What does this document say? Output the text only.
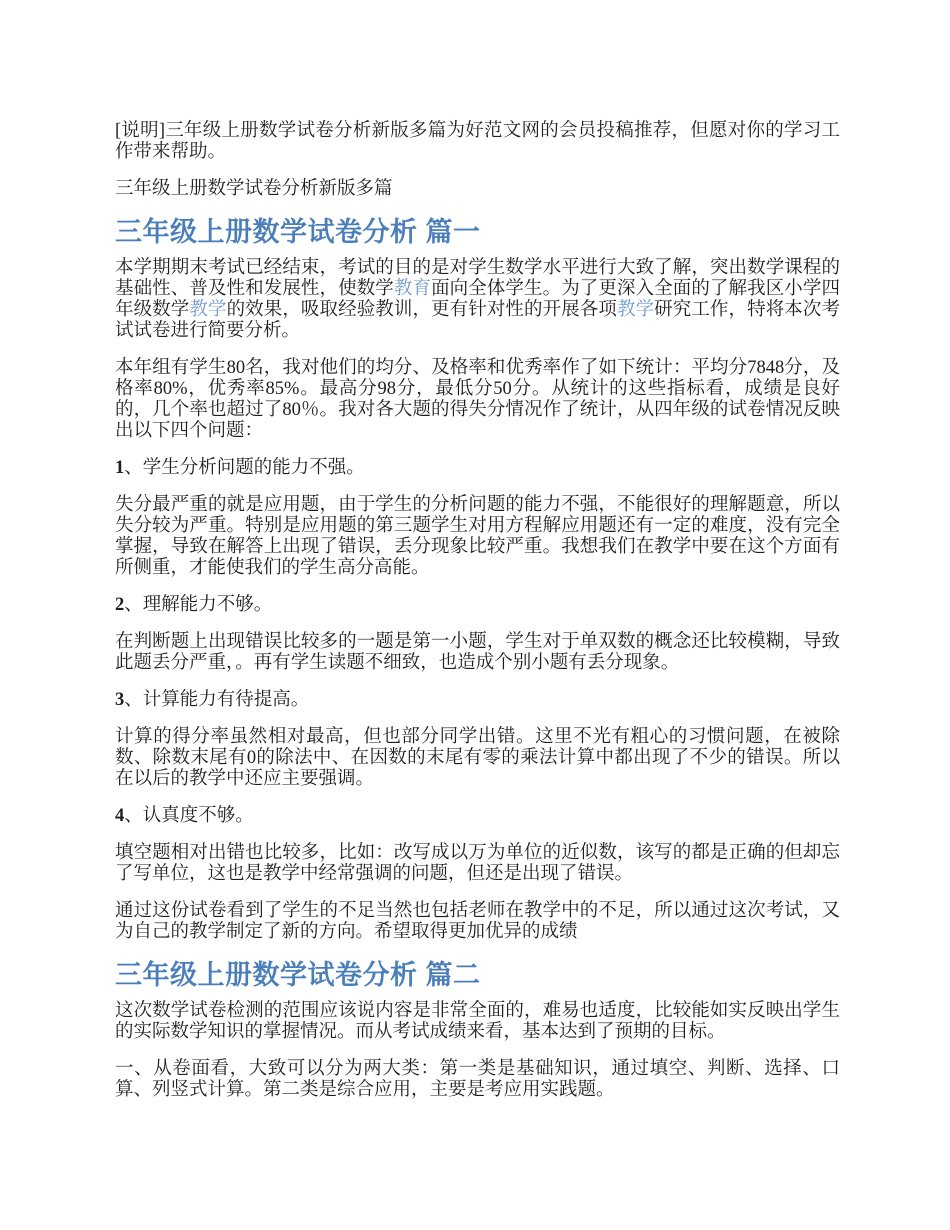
[说明]三年级上册数学试卷分析新版多篇为好范文网的会员投稿推荐，但愿对你的学习工作带来帮助。

三年级上册数学试卷分析新版多篇

三年级上册数学试卷分析 篇一

本学期期末考试已经结束，考试的目的是对学生数学水平进行大致了解，突出数学课程的基础性、普及性和发展性，使数学教育面向全体学生。为了更深入全面的了解我区小学四年级数学教学的效果，吸取经验教训，更有针对性的开展各项教学研究工作，特将本次考试试卷进行简要分析。

本年组有学生80名，我对他们的均分、及格率和优秀率作了如下统计：平均分7848分，及格率80%，优秀率85%。最高分98分，最低分50分。从统计的这些指标看，成绩是良好的，几个率也超过了80％。我对各大题的得失分情况作了统计，从四年级的试卷情况反映出以下四个问题：

1、学生分析问题的能力不强。

失分最严重的就是应用题，由于学生的分析问题的能力不强，不能很好的理解题意，所以失分较为严重。特别是应用题的第三题学生对用方程解应用题还有一定的难度，没有完全掌握，导致在解答上出现了错误，丢分现象比较严重。我想我们在教学中要在这个方面有所侧重，才能使我们的学生高分高能。

2、理解能力不够。

在判断题上出现错误比较多的一题是第一小题，学生对于单双数的概念还比较模糊，导致此题丢分严重，。再有学生读题不细致，也造成个别小题有丢分现象。

3、计算能力有待提高。

计算的得分率虽然相对最高，但也部分同学出错。这里不光有粗心的习惯问题，在被除数、除数末尾有0的除法中、在因数的末尾有零的乘法计算中都出现了不少的错误。所以在以后的教学中还应主要强调。

4、认真度不够。

填空题相对出错也比较多，比如：改写成以万为单位的近似数，该写的都是正确的但却忘了写单位，这也是教学中经常强调的问题，但还是出现了错误。

通过这份试卷看到了学生的不足当然也包括老师在教学中的不足，所以通过这次考试，又为自己的教学制定了新的方向。希望取得更加优异的成绩

三年级上册数学试卷分析 篇二

这次数学试卷检测的范围应该说内容是非常全面的，难易也适度，比较能如实反映出学生的实际数学知识的掌握情况。而从考试成绩来看，基本达到了预期的目标。

一、从卷面看，大致可以分为两大类：第一类是基础知识，通过填空、判断、选择、口算、列竖式计算。第二类是综合应用，主要是考应用实践题。
